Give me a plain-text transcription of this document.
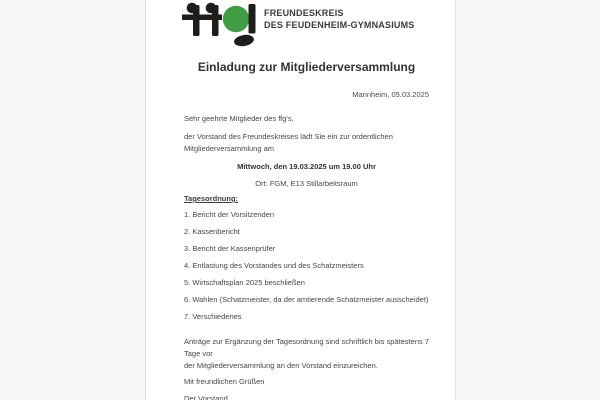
FREUNDESKREIS
DES FEUDENHEIM-GYMNASIUMS
Einladung zur Mitgliederversammlung
Mannheim, 05.03.2025
Sehr geehrte Mitglieder des ffg's,
der Vorstand des Freundeskreises lädt Sie ein zur ordentlichen
Mitgliederversammlung am
Mittwoch, den 19.03.2025 um 19.00 Uhr
Ort: FGM, E13 Stillarbeitsraum
Tagesordnung:
1. Bericht der Vorsitzenden
2. Kassenbericht
3. Bericht der Kassenprüfer
4. Entlastung des Vorstandes und des Schatzmeisters
5. Wirtschaftsplan 2025 beschließen
6. Wahlen (Schatzmeister, da der amtierende Schatzmeister ausscheidet)
7. Verschiedenes
Anträge zur Ergänzung der Tagesordnung sind schriftlich bis spätestens 7 Tage vor
der Mitgliederversammlung an den Vorstand einzureichen.
Mit freundlichen Grüßen
Der Vorstand
